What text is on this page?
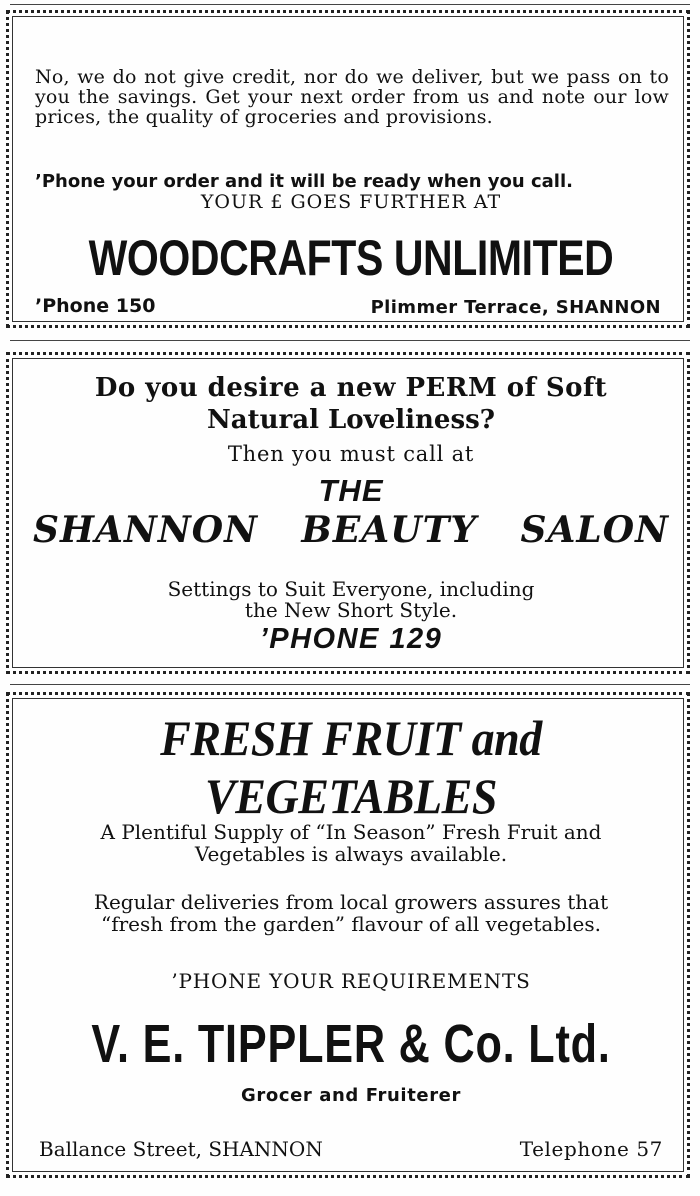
No, we do not give credit, nor do we deliver, but we pass on to you the savings. Get your next order from us and note our low prices, the quality of groceries and provisions.
’Phone your order and it will be ready when you call.
YOUR £ GOES FURTHER AT
WOODCRAFTS UNLIMITED
’Phone 150	Plimmer Terrace, SHANNON
Do you desire a new PERM of Soft
Natural Loveliness?
Then you must call at
THE
SHANNON BEAUTY SALON
Settings to Suit Everyone, including
the New Short Style.
’PHONE 129
FRESH FRUIT and VEGETABLES
A Plentiful Supply of “In Season” Fresh Fruit and
Vegetables is always available.
Regular deliveries from local growers assures that
“fresh from the garden” flavour of all vegetables.
’PHONE YOUR REQUIREMENTS
V. E. TIPPLER & Co. Ltd.
Grocer and Fruiterer
Ballance Street, SHANNON	Telephone 57
